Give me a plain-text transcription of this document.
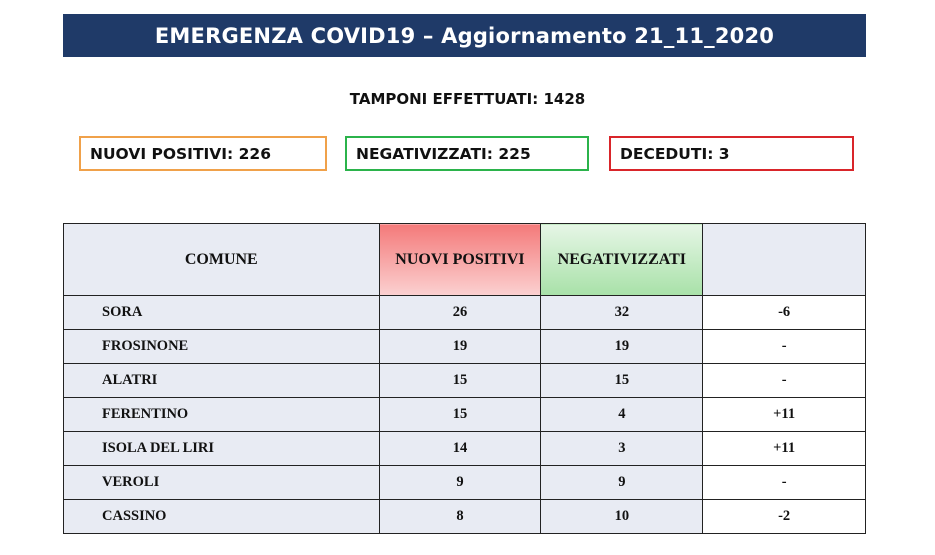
EMERGENZA COVID19 – Aggiornamento 21_11_2020
TAMPONI EFFETTUATI: 1428
NUOVI POSITIVI: 226	NEGATIVIZZATI: 225	DECEDUTI: 3
COMUNE	NUOVI POSITIVI	NEGATIVIZZATI	
SORA	26	32	-6
FROSINONE	19	19	-
ALATRI	15	15	-
FERENTINO	15	4	+11
ISOLA DEL LIRI	14	3	+11
VEROLI	9	9	-
CASSINO	8	10	-2
